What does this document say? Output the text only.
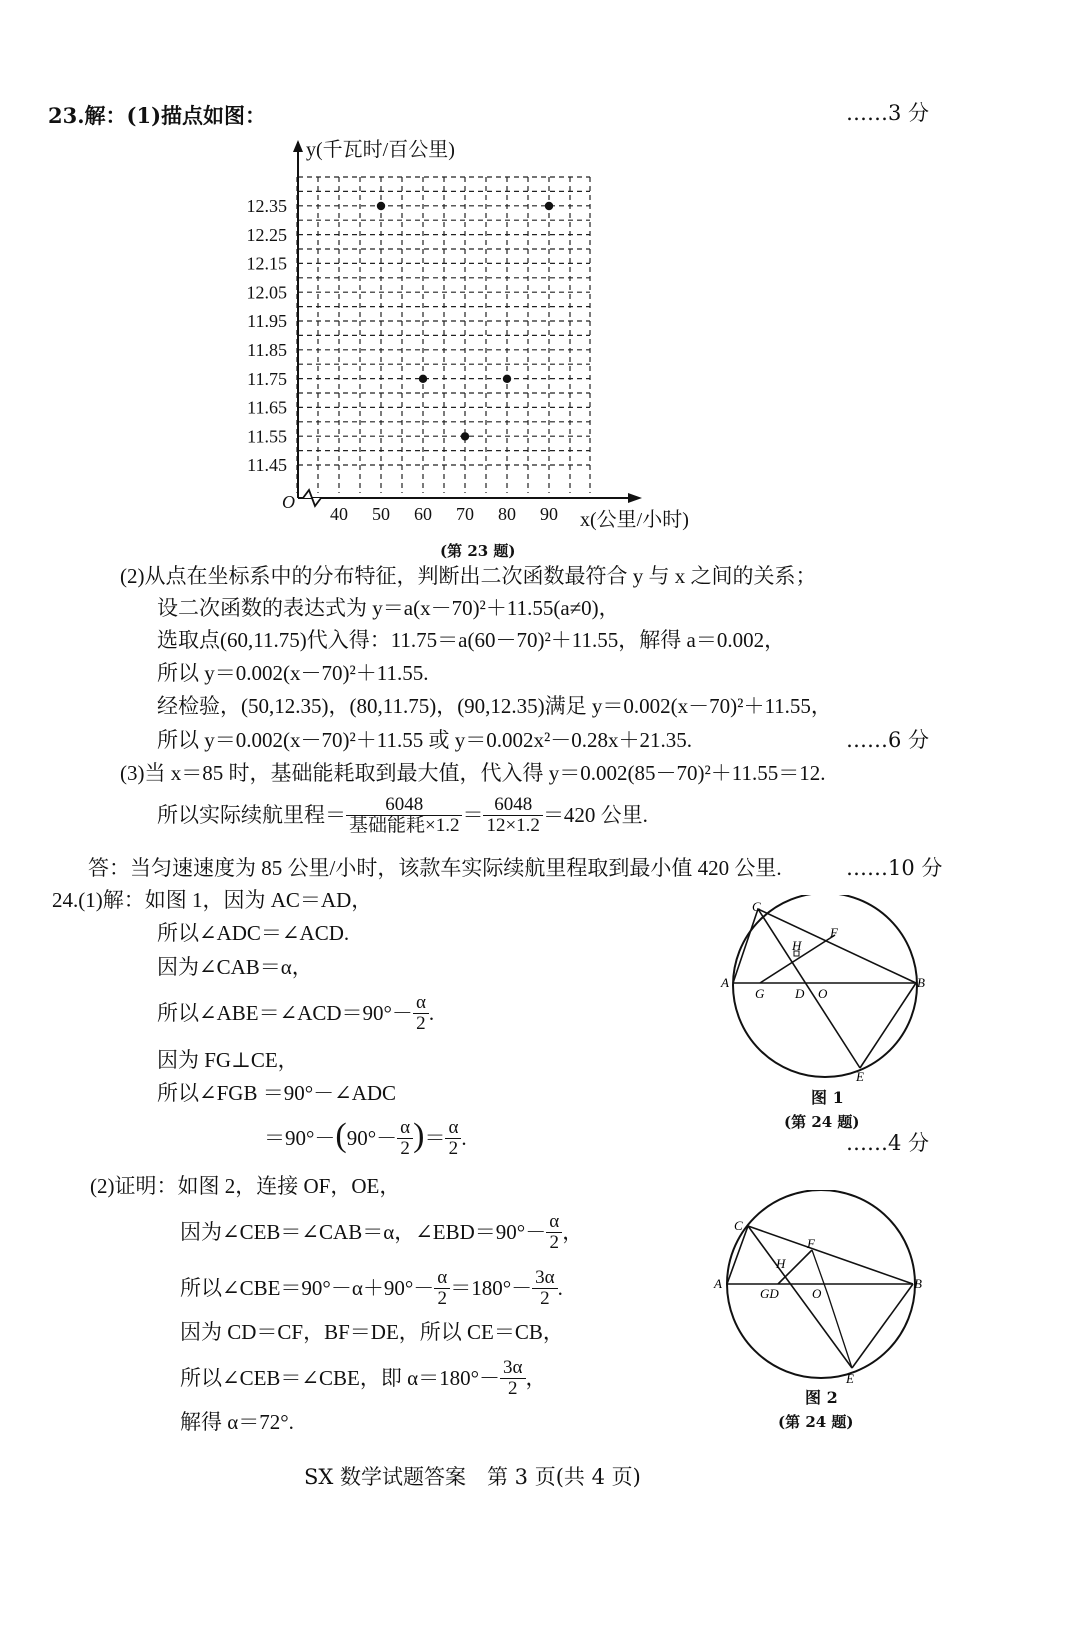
23.解：(1)描点如图：	……3 分
12.35
12.25
12.15
12.05
11.95
11.85
11.75
11.65
11.55
11.45
40 50 60 70 80 90
O
y(千瓦时/百公里)
x(公里/小时)
(第 23 题)
(2)从点在坐标系中的分布特征，判断出二次函数最符合 y 与 x 之间的关系；
设二次函数的表达式为 y＝a(x－70)²＋11.55(a≠0)，
选取点(60,11.75)代入得：11.75＝a(60－70)²＋11.55，解得 a＝0.002，
所以 y＝0.002(x－70)²＋11.55.
经检验，(50,12.35)，(80,11.75)，(90,12.35)满足 y＝0.002(x－70)²＋11.55，
所以 y＝0.002(x－70)²＋11.55 或 y＝0.002x²－0.28x＋21.35.	……6 分
(3)当 x＝85 时，基础能耗取到最大值，代入得 y＝0.002(85－70)²＋11.55＝12.
所以实际续航里程＝ $\frac{6048}{\text{基础能耗×1.2}} = \frac{6048}{12\times 1.2} =420$ 公里.
答：当匀速速度为 85 公里/小时，该款车实际续航里程取到最小值 420 公里.	……10 分
24.(1)解：如图 1，因为 AC＝AD，
所以∠ADC＝∠ACD.
因为∠CAB＝α，
所以∠ABE＝∠ACD＝90°－ $\frac{\alpha}{2}$ .
因为 FG⊥CE，
所以∠FGB ＝90°－∠ADC
$=90^\circ-(90^\circ- \frac{\alpha}{2}$ )＝ $\frac{\alpha}{2}$ .	……4 分
(2)证明：如图 2，连接 OF，OE，
因为∠CEB＝∠CAB＝α，∠EBD＝90°－ $\frac{\alpha}{2}$ ，
所以∠CBE＝90°－α＋90°－ $\frac{\alpha}{2} =180^\circ- \frac{3\alpha}{2}$ .
因为 CD＝CF，BF＝DE，所以 CE＝CB，
所以∠CEB＝∠CBE，即 $\alpha=180^\circ- \frac{3\alpha}{2}$ ，
解得 α＝72°.
C
F
H
A
G D O
B
E
图 1
(第 24 题)
C
F
H
A
GD	O
B
E
图 2
(第 24 题)
SX 数学试题答案　第 3 页(共 4 页)
